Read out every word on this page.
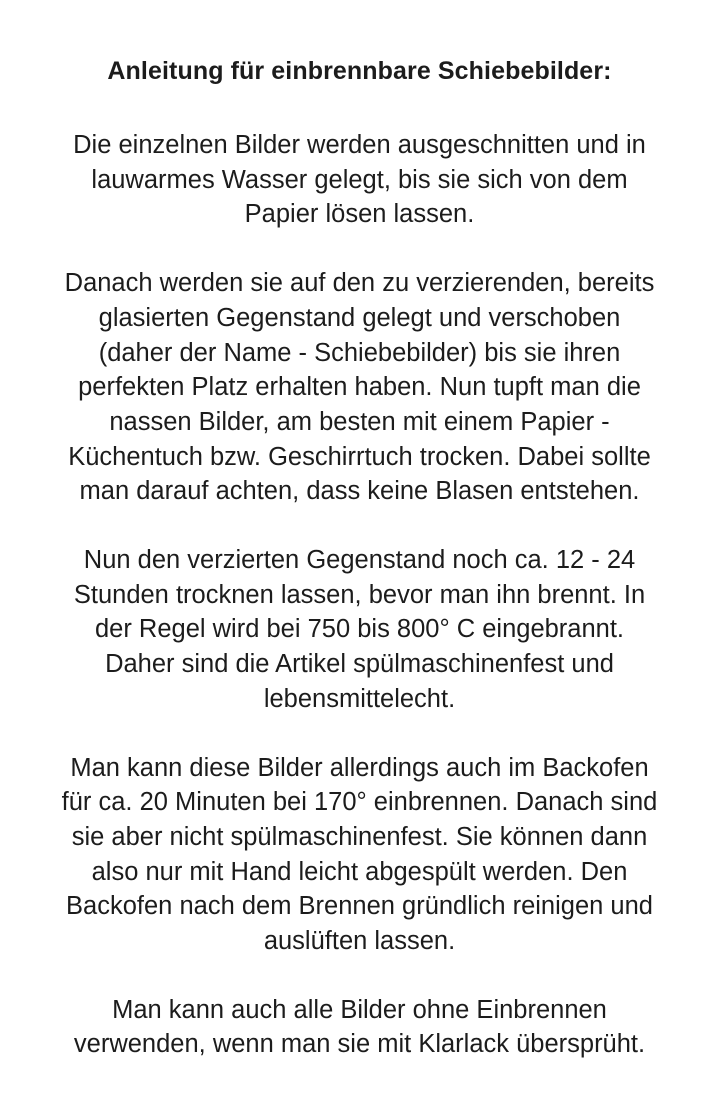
Anleitung für einbrennbare Schiebebilder:
Die einzelnen Bilder werden ausgeschnitten und in
lauwarmes Wasser gelegt, bis sie sich von dem
Papier lösen lassen.
Danach werden sie auf den zu verzierenden, bereits
glasierten Gegenstand gelegt und verschoben
(daher der Name - Schiebebilder) bis sie ihren
perfekten Platz erhalten haben. Nun tupft man die
nassen Bilder, am besten mit einem Papier -
Küchentuch bzw. Geschirrtuch trocken. Dabei sollte
man darauf achten, dass keine Blasen entstehen.
Nun den verzierten Gegenstand noch ca. 12 - 24
Stunden trocknen lassen, bevor man ihn brennt. In
der Regel wird bei 750 bis 800° C eingebrannt.
Daher sind die Artikel spülmaschinenfest und
lebensmittelecht.
Man kann diese Bilder allerdings auch im Backofen
für ca. 20 Minuten bei 170° einbrennen. Danach sind
sie aber nicht spülmaschinenfest. Sie können dann
also nur mit Hand leicht abgespült werden. Den
Backofen nach dem Brennen gründlich reinigen und
auslüften lassen.
Man kann auch alle Bilder ohne Einbrennen
verwenden, wenn man sie mit Klarlack übersprüht.
